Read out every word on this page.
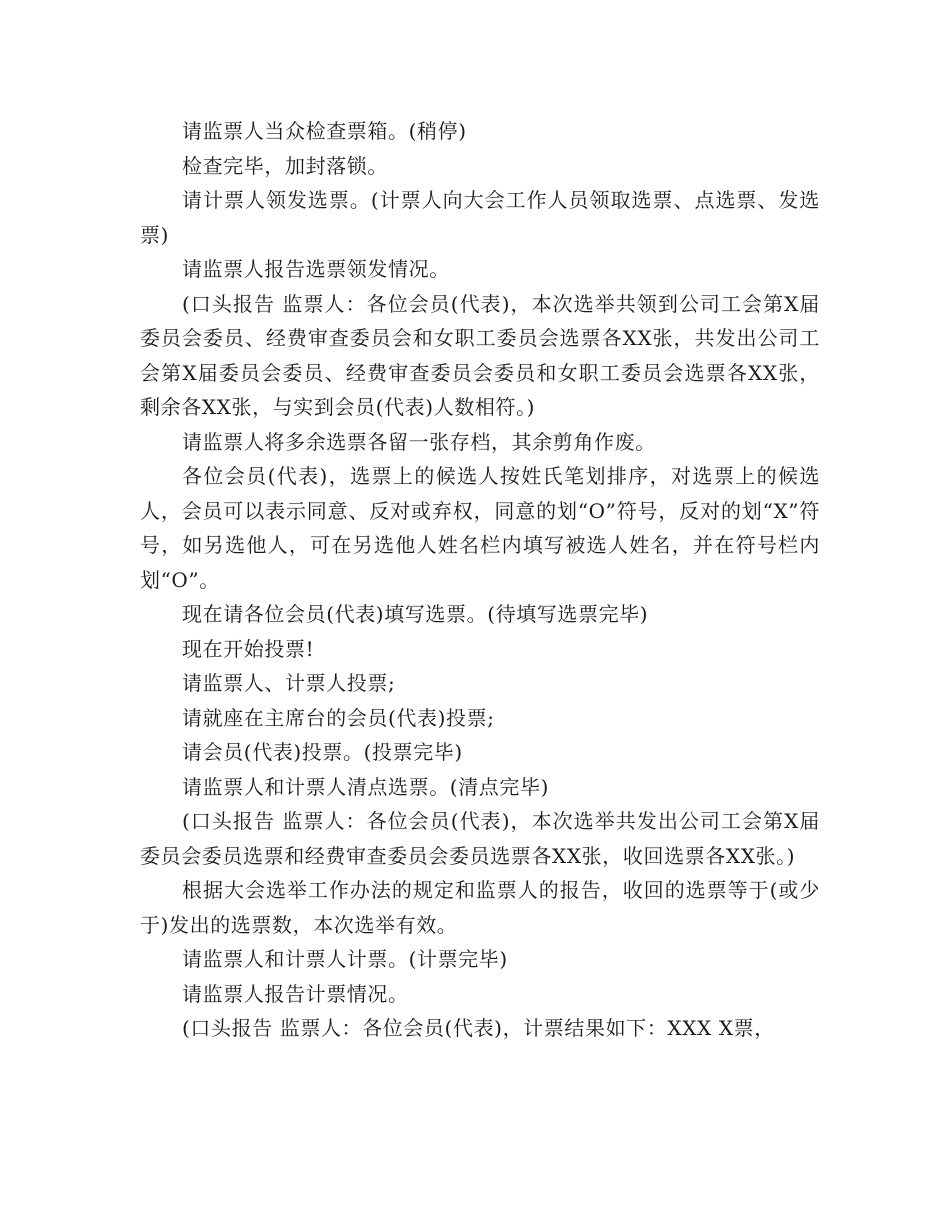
请监票人当众检查票箱。(稍停)

检查完毕，加封落锁。

请计票人领发选票。(计票人向大会工作人员领取选票、点选票、发选票)

请监票人报告选票领发情况。

(口头报告 监票人：各位会员(代表)，本次选举共领到公司工会第X届委员会委员、经费审查委员会和女职工委员会选票各XX张，共发出公司工会第X届委员会委员、经费审查委员会委员和女职工委员会选票各XX张，剩余各XX张，与实到会员(代表)人数相符。)

请监票人将多余选票各留一张存档，其余剪角作废。

各位会员(代表)，选票上的候选人按姓氏笔划排序，对选票上的候选人，会员可以表示同意、反对或弃权，同意的划“O”符号，反对的划“X”符号，如另选他人，可在另选他人姓名栏内填写被选人姓名，并在符号栏内划“O”。

现在请各位会员(代表)填写选票。(待填写选票完毕)

现在开始投票!

请监票人、计票人投票;

请就座在主席台的会员(代表)投票;

请会员(代表)投票。(投票完毕)

请监票人和计票人清点选票。(清点完毕)

(口头报告 监票人：各位会员(代表)，本次选举共发出公司工会第X届委员会委员选票和经费审查委员会委员选票各XX张，收回选票各XX张。)

根据大会选举工作办法的规定和监票人的报告，收回的选票等于(或少于)发出的选票数，本次选举有效。

请监票人和计票人计票。(计票完毕)

请监票人报告计票情况。

(口头报告 监票人：各位会员(代表)，计票结果如下：XXX X票，
